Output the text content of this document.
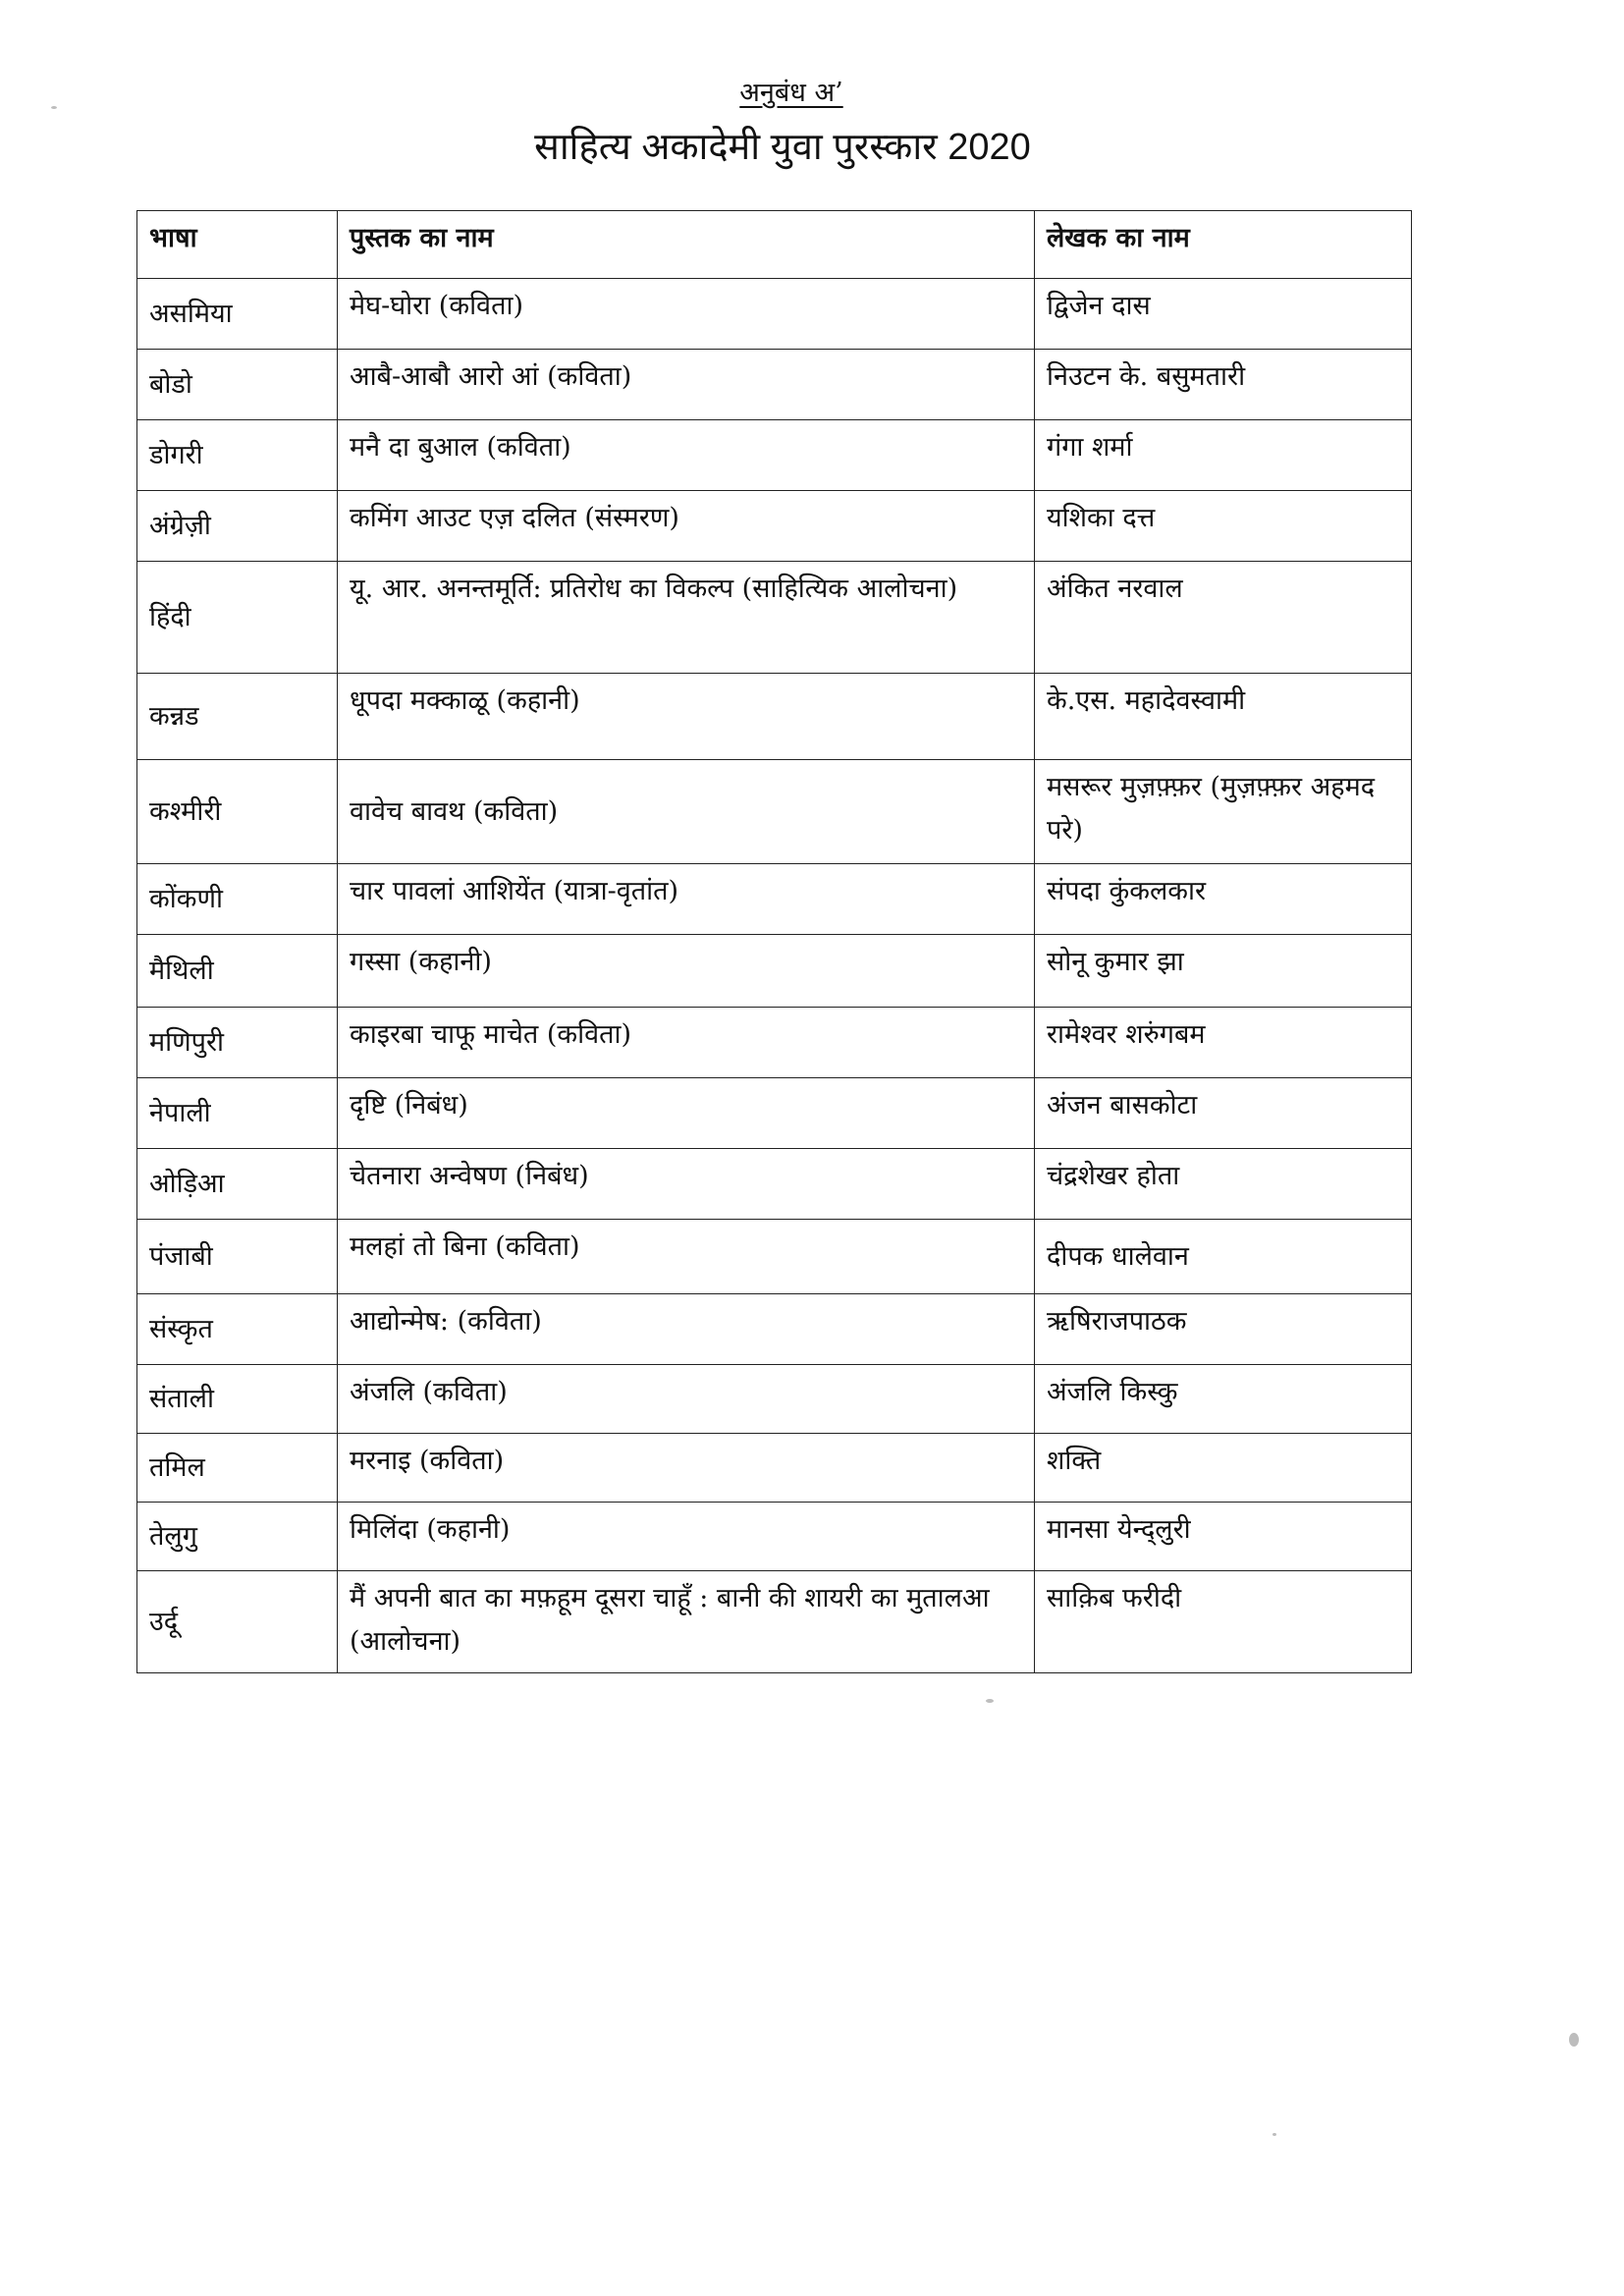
अनुबंध अ’
साहित्य अकादेमी युवा पुरस्कार 2020
भाषा	पुस्तक का नाम	लेखक का नाम
असमिया	मेघ-घोरा (कविता)	द्विजेन दास
बोडो	आबै-आबौ आरो आं (कविता)	निउटन के. बसुमतारी
डोगरी	मनै दा बुआल (कविता)	गंगा शर्मा
अंग्रेज़ी	कमिंग आउट एज़ दलित (संस्मरण)	यशिका दत्त
हिंदी	यू. आर. अनन्तमूर्ति: प्रतिरोध का विकल्प (साहित्यिक आलोचना)	अंकित नरवाल
कन्नड	धूपदा मक्काळू (कहानी)	के.एस. महादेवस्वामी
कश्मीरी	वावेच बावथ (कविता)	मसरूर मुज़फ़्फ़र (मुज़फ़्फ़र अहमद परे)
कोंकणी	चार पावलां आशियेंत (यात्रा-वृतांत)	संपदा कुंकलकार
मैथिली	गस्सा (कहानी)	सोनू कुमार झा
मणिपुरी	काइरबा चाफू माचेत (कविता)	रामेश्वर शरुंगबम
नेपाली	दृष्टि (निबंध)	अंजन बासकोटा
ओड़िआ	चेतनारा अन्वेषण (निबंध)	चंद्रशेखर होता
पंजाबी	मलहां तो बिना (कविता)	दीपक धालेवान
संस्कृत	आद्योन्मेष: (कविता)	ऋषिराजपाठक
संताली	अंजलि (कविता)	अंजलि किस्कु
तमिल	मरनाइ (कविता)	शक्ति
तेलुगु	मिलिंदा (कहानी)	मानसा येन्द्लुरी
उर्दू	मैं अपनी बात का मफ़हूम दूसरा चाहूँ : बानी की शायरी का मुतालआ (आलोचना)	साक़िब फरीदी
